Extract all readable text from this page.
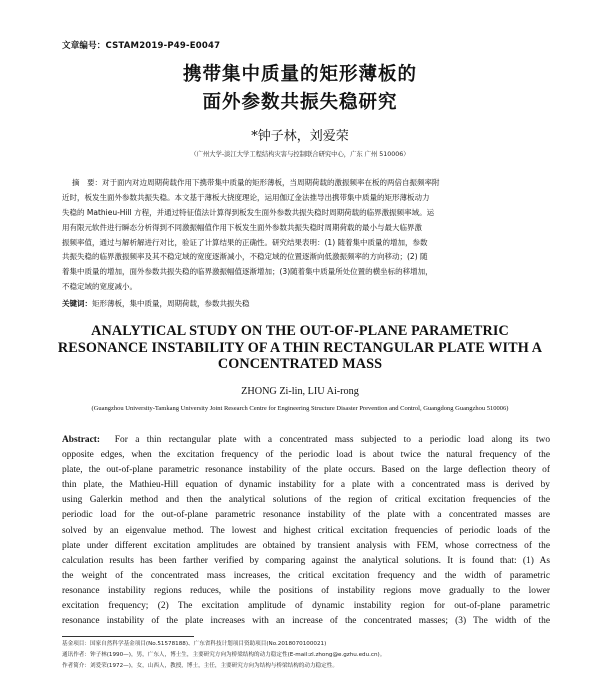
文章编号：CSTAM2019-P49-E0047
携带集中质量的矩形薄板的
面外参数共振失稳研究
*钟子林，刘爱荣
（广州大学-淡江大学工程结构灾害与控制联合研究中心，广东 广州 510006）
摘　要：对于面内对边周期荷载作用下携带集中质量的矩形薄板，当周期荷载的激振频率在板的两倍自振频率附
近时，板发生面外参数共振失稳。本文基于薄板大挠度理论，运用伽辽金法推导出携带集中质量的矩形薄板动力
失稳的 Mathieu-Hill 方程，并通过特征值法计算得到板发生面外参数共振失稳时周期荷载的临界激振频率域。运
用有限元软件进行瞬态分析得到不同激振幅值作用下板发生面外参数共振失稳时周期荷载的最小与最大临界激
振频率值，通过与解析解进行对比，验证了计算结果的正确性。研究结果表明：(1) 随着集中质量的增加，参数
共振失稳的临界激振频率及其不稳定域的宽度逐渐减小，不稳定域的位置逐渐向低激振频率的方向移动；(2) 随
着集中质量的增加，面外参数共振失稳的临界激振幅值逐渐增加；(3)随着集中质量所处位置的横坐标的移增加，
不稳定域的宽度减小。
关键词：矩形薄板，集中质量，周期荷载，参数共振失稳
ANALYTICAL STUDY ON THE OUT-OF-PLANE PARAMETRIC
RESONANCE INSTABILITY OF A THIN RECTANGULAR PLATE WITH A
CONCENTRATED MASS
ZHONG Zi-lin, LIU Ai-rong
(Guangzhou University-Tamkang University Joint Research Centre for Engineering Structure Disaster Prevention and Control, Guangdong Guangzhou 510006)
Abstract: For a thin rectangular plate with a concentrated mass subjected to a periodic load along its two
opposite edges, when the excitation frequency of the periodic load is about twice the natural frequency of the
plate, the out-of-plane parametric resonance instability of the plate occurs. Based on the large deflection theory of
thin plate, the Mathieu-Hill equation of dynamic instability for a plate with a concentrated mass is derived by
using Galerkin method and then the analytical solutions of the region of critical excitation frequencies of the
periodic load for the out-of-plane parametric resonance instability of the plate with a concentrated masses are
solved by an eigenvalue method. The lowest and highest critical excitation frequencies of periodic loads of the
plate under different excitation amplitudes are obtained by transient analysis with FEM, whose correctness of the
calculation results has been farther verified by comparing against the analytical solutions. It is found that: (1) As
the weight of the concentrated mass increases, the critical excitation frequency and the width of parametric
resonance instability regions reduces, while the positions of instability regions move gradually to the lower
excitation frequency; (2) The excitation amplitude of dynamic instability region for out-of-plane parametric
resonance instability of the plate increases with an increase of the concentrated masses; (3) The width of the
基金项目：国家自然科学基金项目(No.51578188)、广东省科技计划项目资助项目(No.2018070100021)
通讯作者：钟子林(1990—)，男，广东人，博士生，主要研究方向为桥梁结构的动力稳定性(E-mail:zl.zhong@e.gzhu.edu.cn)。
作者简介：刘爱荣(1972—)，女，山西人，教授，博士，主任，主要研究方向为结构与桥梁结构的动力稳定性。
